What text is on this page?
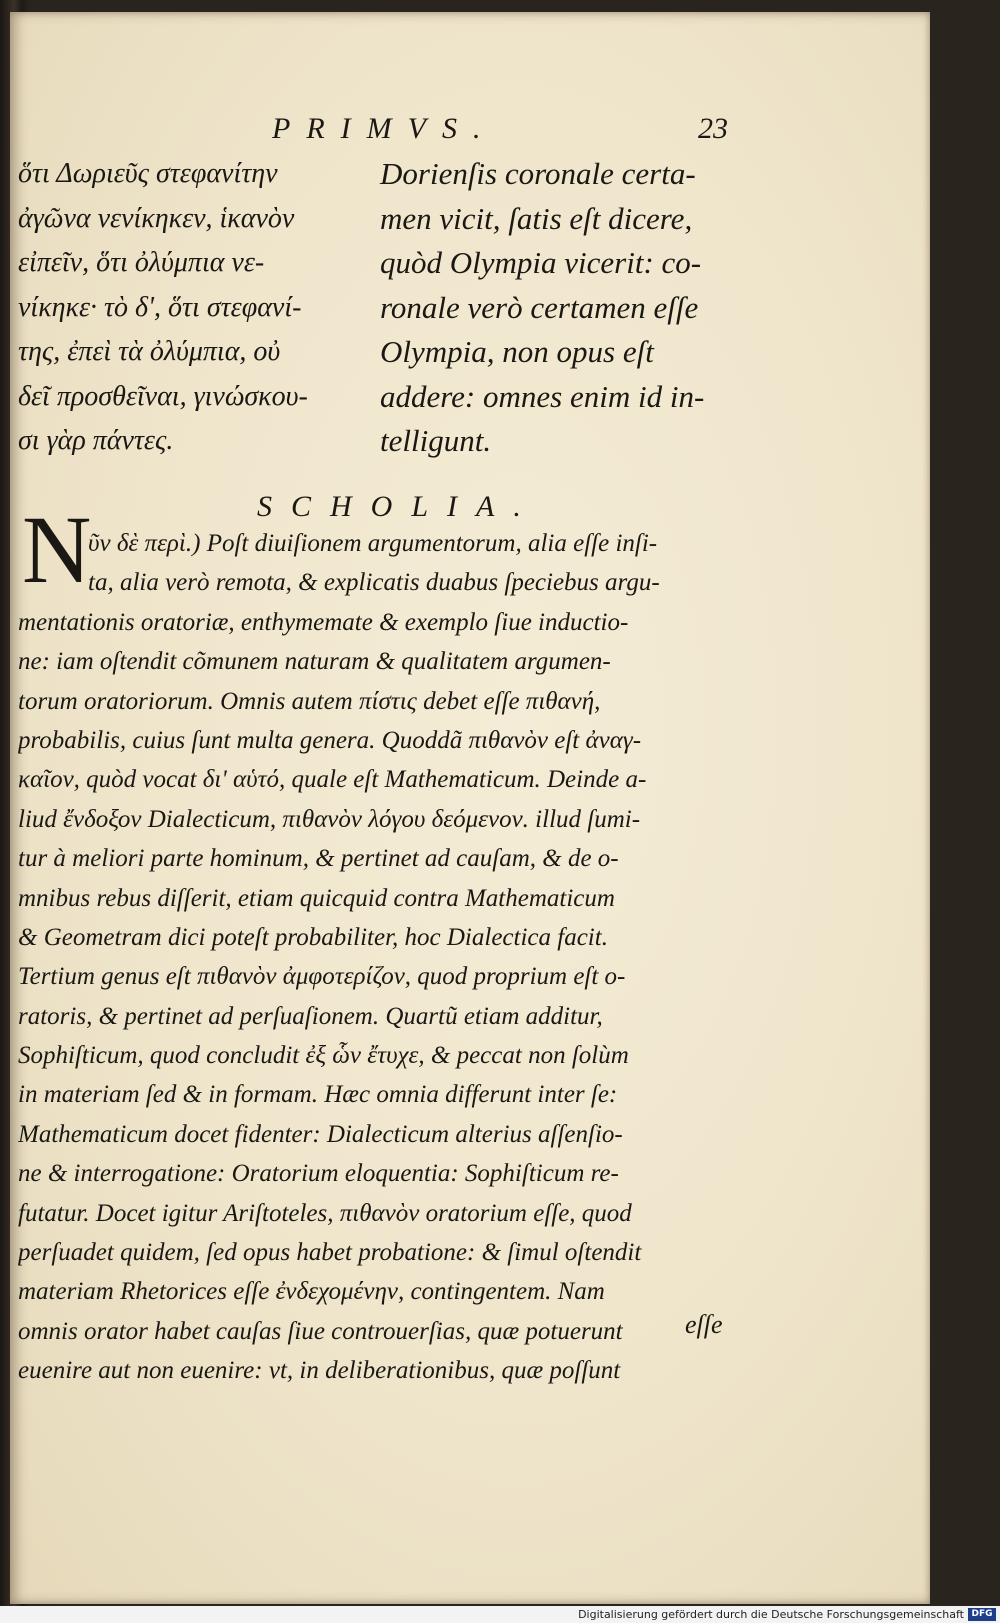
PRIMVS.	23
ὅτι Δωριεῦς στεφανίτην
ἀγῶνα νενίκηκεν, ἱκανὸν
εἰπεῖν, ὅτι ὀλύμπια νε-
νίκηκε· τὸ δ', ὅτι στεφανί-
της, ἐπεὶ τὰ ὀλύμπια, οὐ
δεῖ προσθεῖναι, γινώσκου-
σι γὰρ πάντες.
Dorienſis coronale certa-
men vicit, ſatis eſt dicere,
quòd Olympia vicerit: co-
ronale verò certamen eſſe
Olympia, non opus eſt
addere: omnes enim id in-
telligunt.
SCHOLIA.
N
ῦν δὲ περὶ.) Poſt diuiſionem argumentorum, alia eſſe inſi-
ta, alia verò remota, & explicatis duabus ſpeciebus argu-
mentationis oratoriæ, enthymemate & exemplo ſiue inductio-
ne: iam oſtendit cõmunem naturam & qualitatem argumen-
torum oratoriorum. Omnis autem πίστις debet eſſe πιθανή,
probabilis, cuius ſunt multa genera. Quoddã πιθανὸν eſt ἀναγ-
καῖον, quòd vocat δι' αὑτό, quale eſt Mathematicum. Deinde a-
liud ἔνδοξον Dialecticum, πιθανὸν λόγου δεόμενον. illud ſumi-
tur à meliori parte hominum, & pertinet ad cauſam, & de o-
mnibus rebus diſſerit, etiam quicquid contra Mathematicum
& Geometram dici poteſt probabiliter, hoc Dialectica facit.
Tertium genus eſt πιθανὸν ἀμφοτερίζον, quod proprium eſt o-
ratoris, & pertinet ad perſuaſionem. Quartũ etiam additur,
Sophiſticum, quod concludit ἐξ ὧν ἔτυχε, & peccat non ſolùm
in materiam ſed & in formam. Hæc omnia differunt inter ſe:
Mathematicum docet fidenter: Dialecticum alterius aſſenſio-
ne & interrogatione: Oratorium eloquentia: Sophiſticum re-
futatur. Docet igitur Ariſtoteles, πιθανὸν oratorium eſſe, quod
perſuadet quidem, ſed opus habet probatione: & ſimul oſtendit
materiam Rhetorices eſſe ἐνδεχομένην, contingentem. Nam
omnis orator habet cauſas ſiue controuerſias, quæ potuerunt
euenire aut non euenire: vt, in deliberationibus, quæ poſſunt
eſſe
Digitalisierung gefördert durch die Deutsche Forschungsgemeinschaft DFG
